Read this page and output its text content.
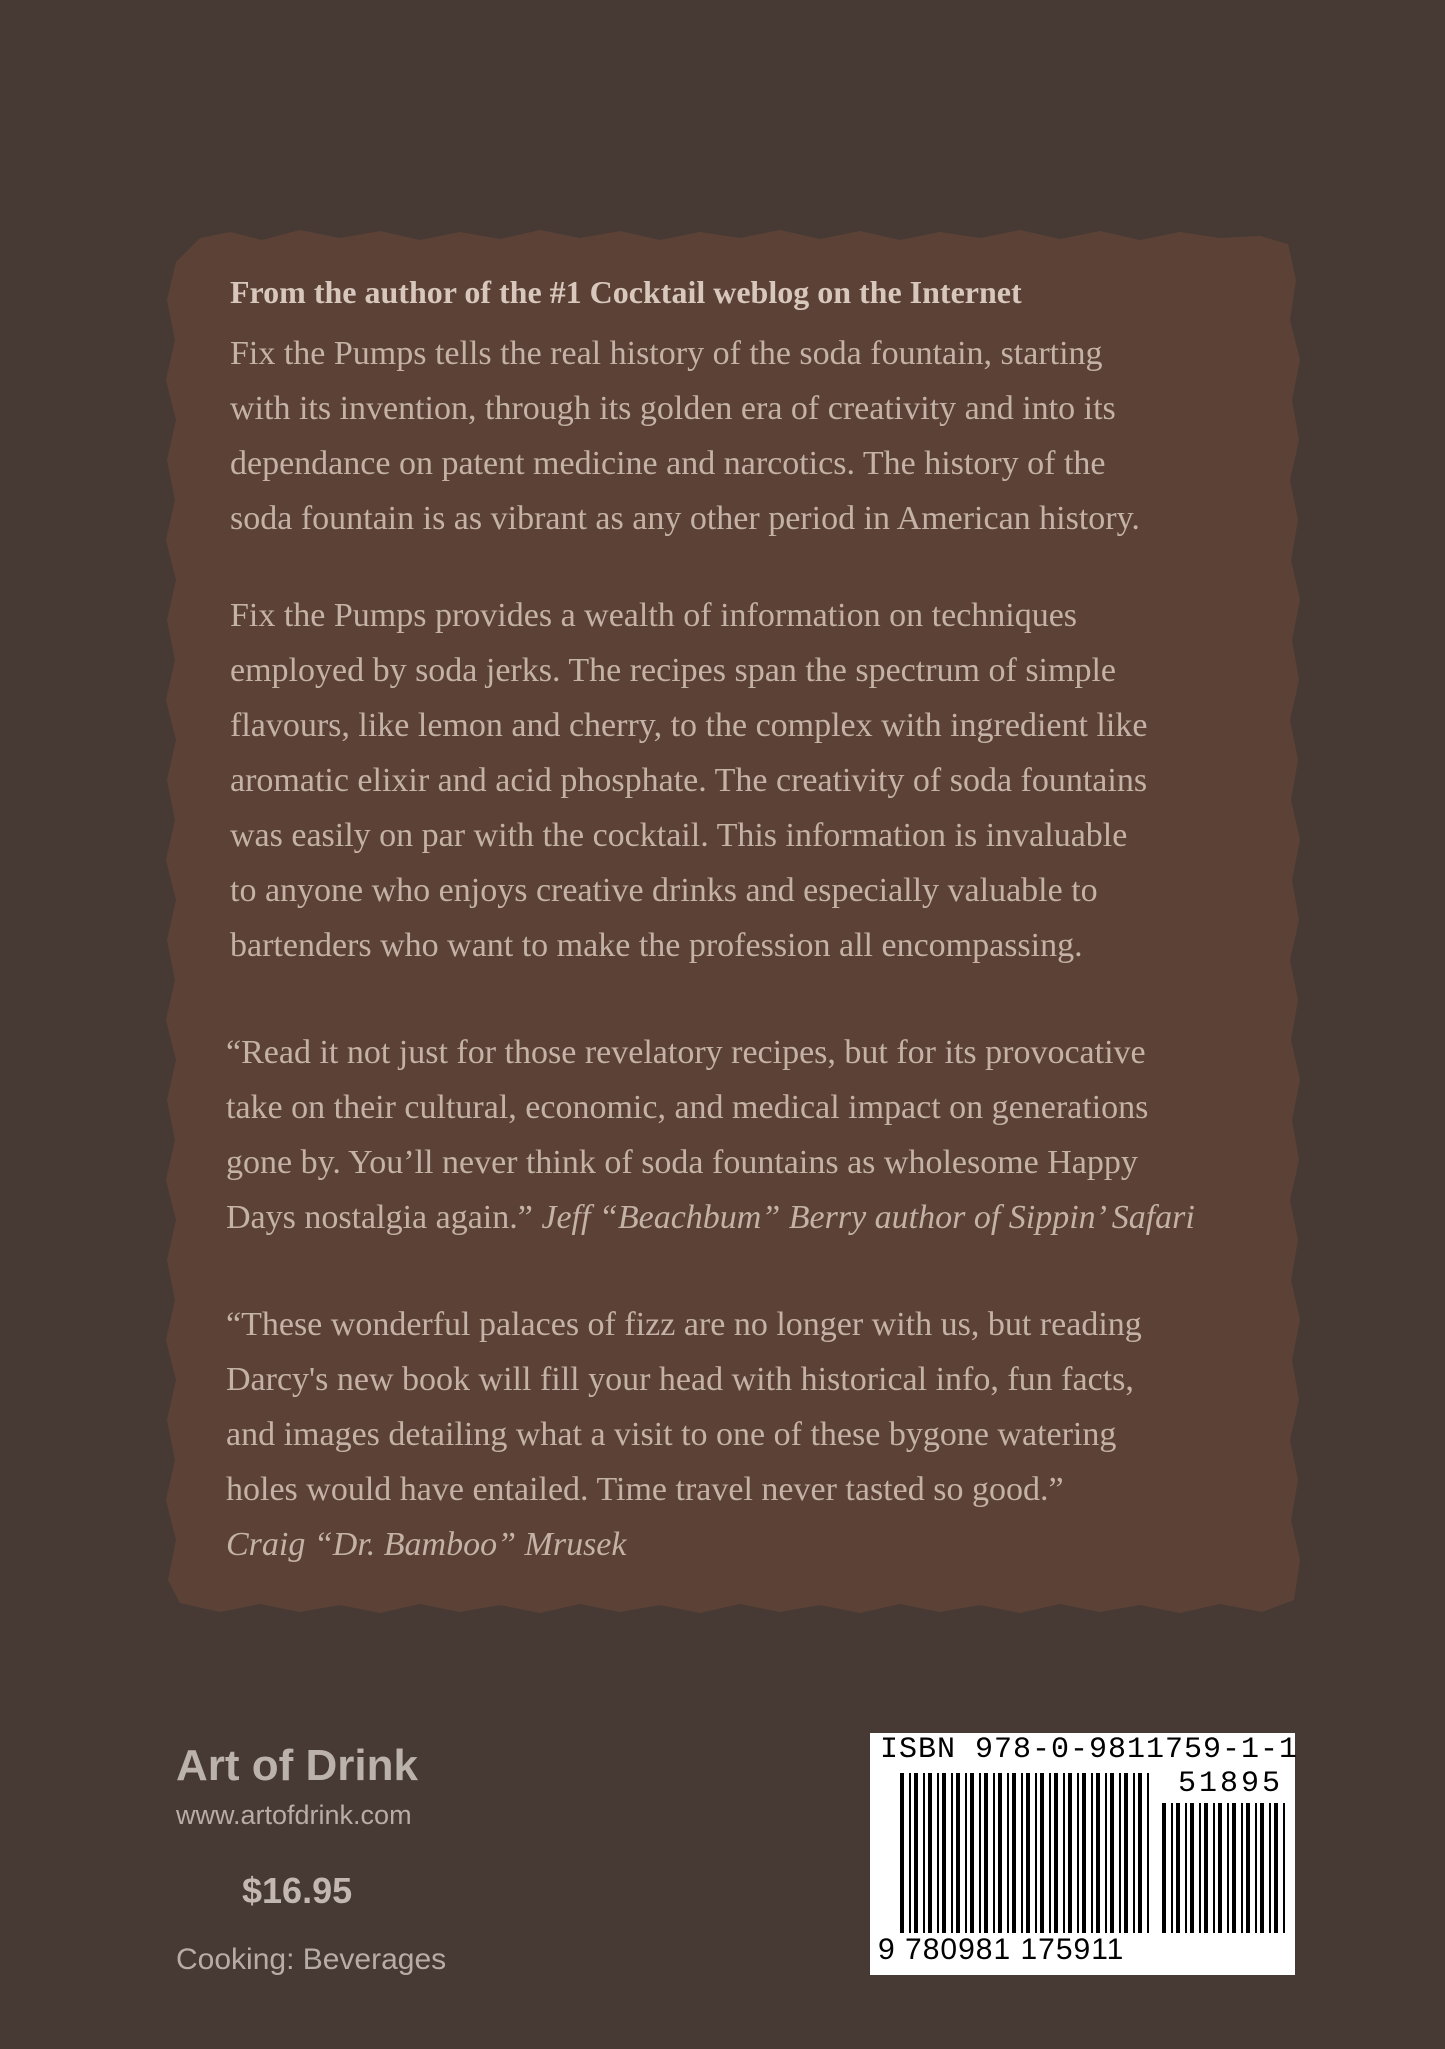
From the author of the #1 Cocktail weblog on the Internet

Fix the Pumps tells the real history of the soda fountain, starting

with its invention, through its golden era of creativity and into its

dependance on patent medicine and narcotics. The history of the

soda fountain is as vibrant as any other period in American history.

Fix the Pumps provides a wealth of information on techniques

employed by soda jerks. The recipes span the spectrum of simple

flavours, like lemon and cherry, to the complex with ingredient like

aromatic elixir and acid phosphate. The creativity of soda fountains

was easily on par with the cocktail. This information is invaluable

to anyone who enjoys creative drinks and especially valuable to

bartenders who want to make the profession all encompassing.

“Read it not just for those revelatory recipes, but for its provocative

take on their cultural, economic, and medical impact on generations

gone by. You’ll never think of soda fountains as wholesome Happy

Days nostalgia again.” Jeff “Beachbum” Berry author of Sippin’ Safari

“These wonderful palaces of fizz are no longer with us, but reading

Darcy's new book will fill your head with historical info, fun facts,

and images detailing what a visit to one of these bygone watering

holes would have entailed. Time travel never tasted so good.”

Craig “Dr. Bamboo” Mrusek

Art of Drink
www.artofdrink.com
$16.95
Cooking: Beverages
ISBN 978-0-9811759-1-1
51895
9 780981 175911
